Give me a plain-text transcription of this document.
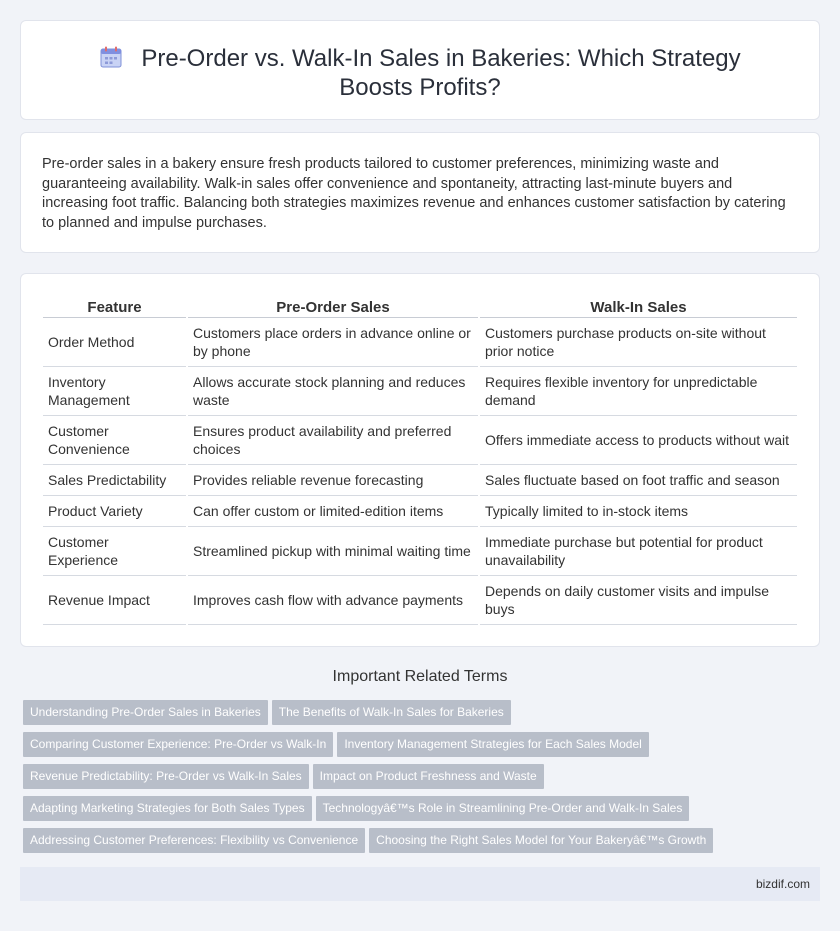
Pre-Order vs. Walk-In Sales in Bakeries: Which Strategy Boosts Profits?

Pre-order sales in a bakery ensure fresh products tailored to customer preferences, minimizing waste and guaranteeing availability. Walk-in sales offer convenience and spontaneity, attracting last-minute buyers and increasing foot traffic. Balancing both strategies maximizes revenue and enhances customer satisfaction by catering to planned and impulse purchases.

Feature	Pre-Order Sales	Walk-In Sales
Order Method	Customers place orders in advance online or by phone	Customers purchase products on-site without prior notice
Inventory Management	Allows accurate stock planning and reduces waste	Requires flexible inventory for unpredictable demand
Customer Convenience	Ensures product availability and preferred choices	Offers immediate access to products without wait
Sales Predictability	Provides reliable revenue forecasting	Sales fluctuate based on foot traffic and season
Product Variety	Can offer custom or limited-edition items	Typically limited to in-stock items
Customer Experience	Streamlined pickup with minimal waiting time	Immediate purchase but potential for product unavailability
Revenue Impact	Improves cash flow with advance payments	Depends on daily customer visits and impulse buys
Important Related Terms
Understanding Pre-Order Sales in Bakeries The Benefits of Walk-In Sales for Bakeries
Comparing Customer Experience: Pre-Order vs Walk-In Inventory Management Strategies for Each Sales Model
Revenue Predictability: Pre-Order vs Walk-In Sales Impact on Product Freshness and Waste
Adapting Marketing Strategies for Both Sales Types Technologyâ€™s Role in Streamlining Pre-Order and Walk-In Sales
Addressing Customer Preferences: Flexibility vs Convenience Choosing the Right Sales Model for Your Bakeryâ€™s Growth
bizdif.com
